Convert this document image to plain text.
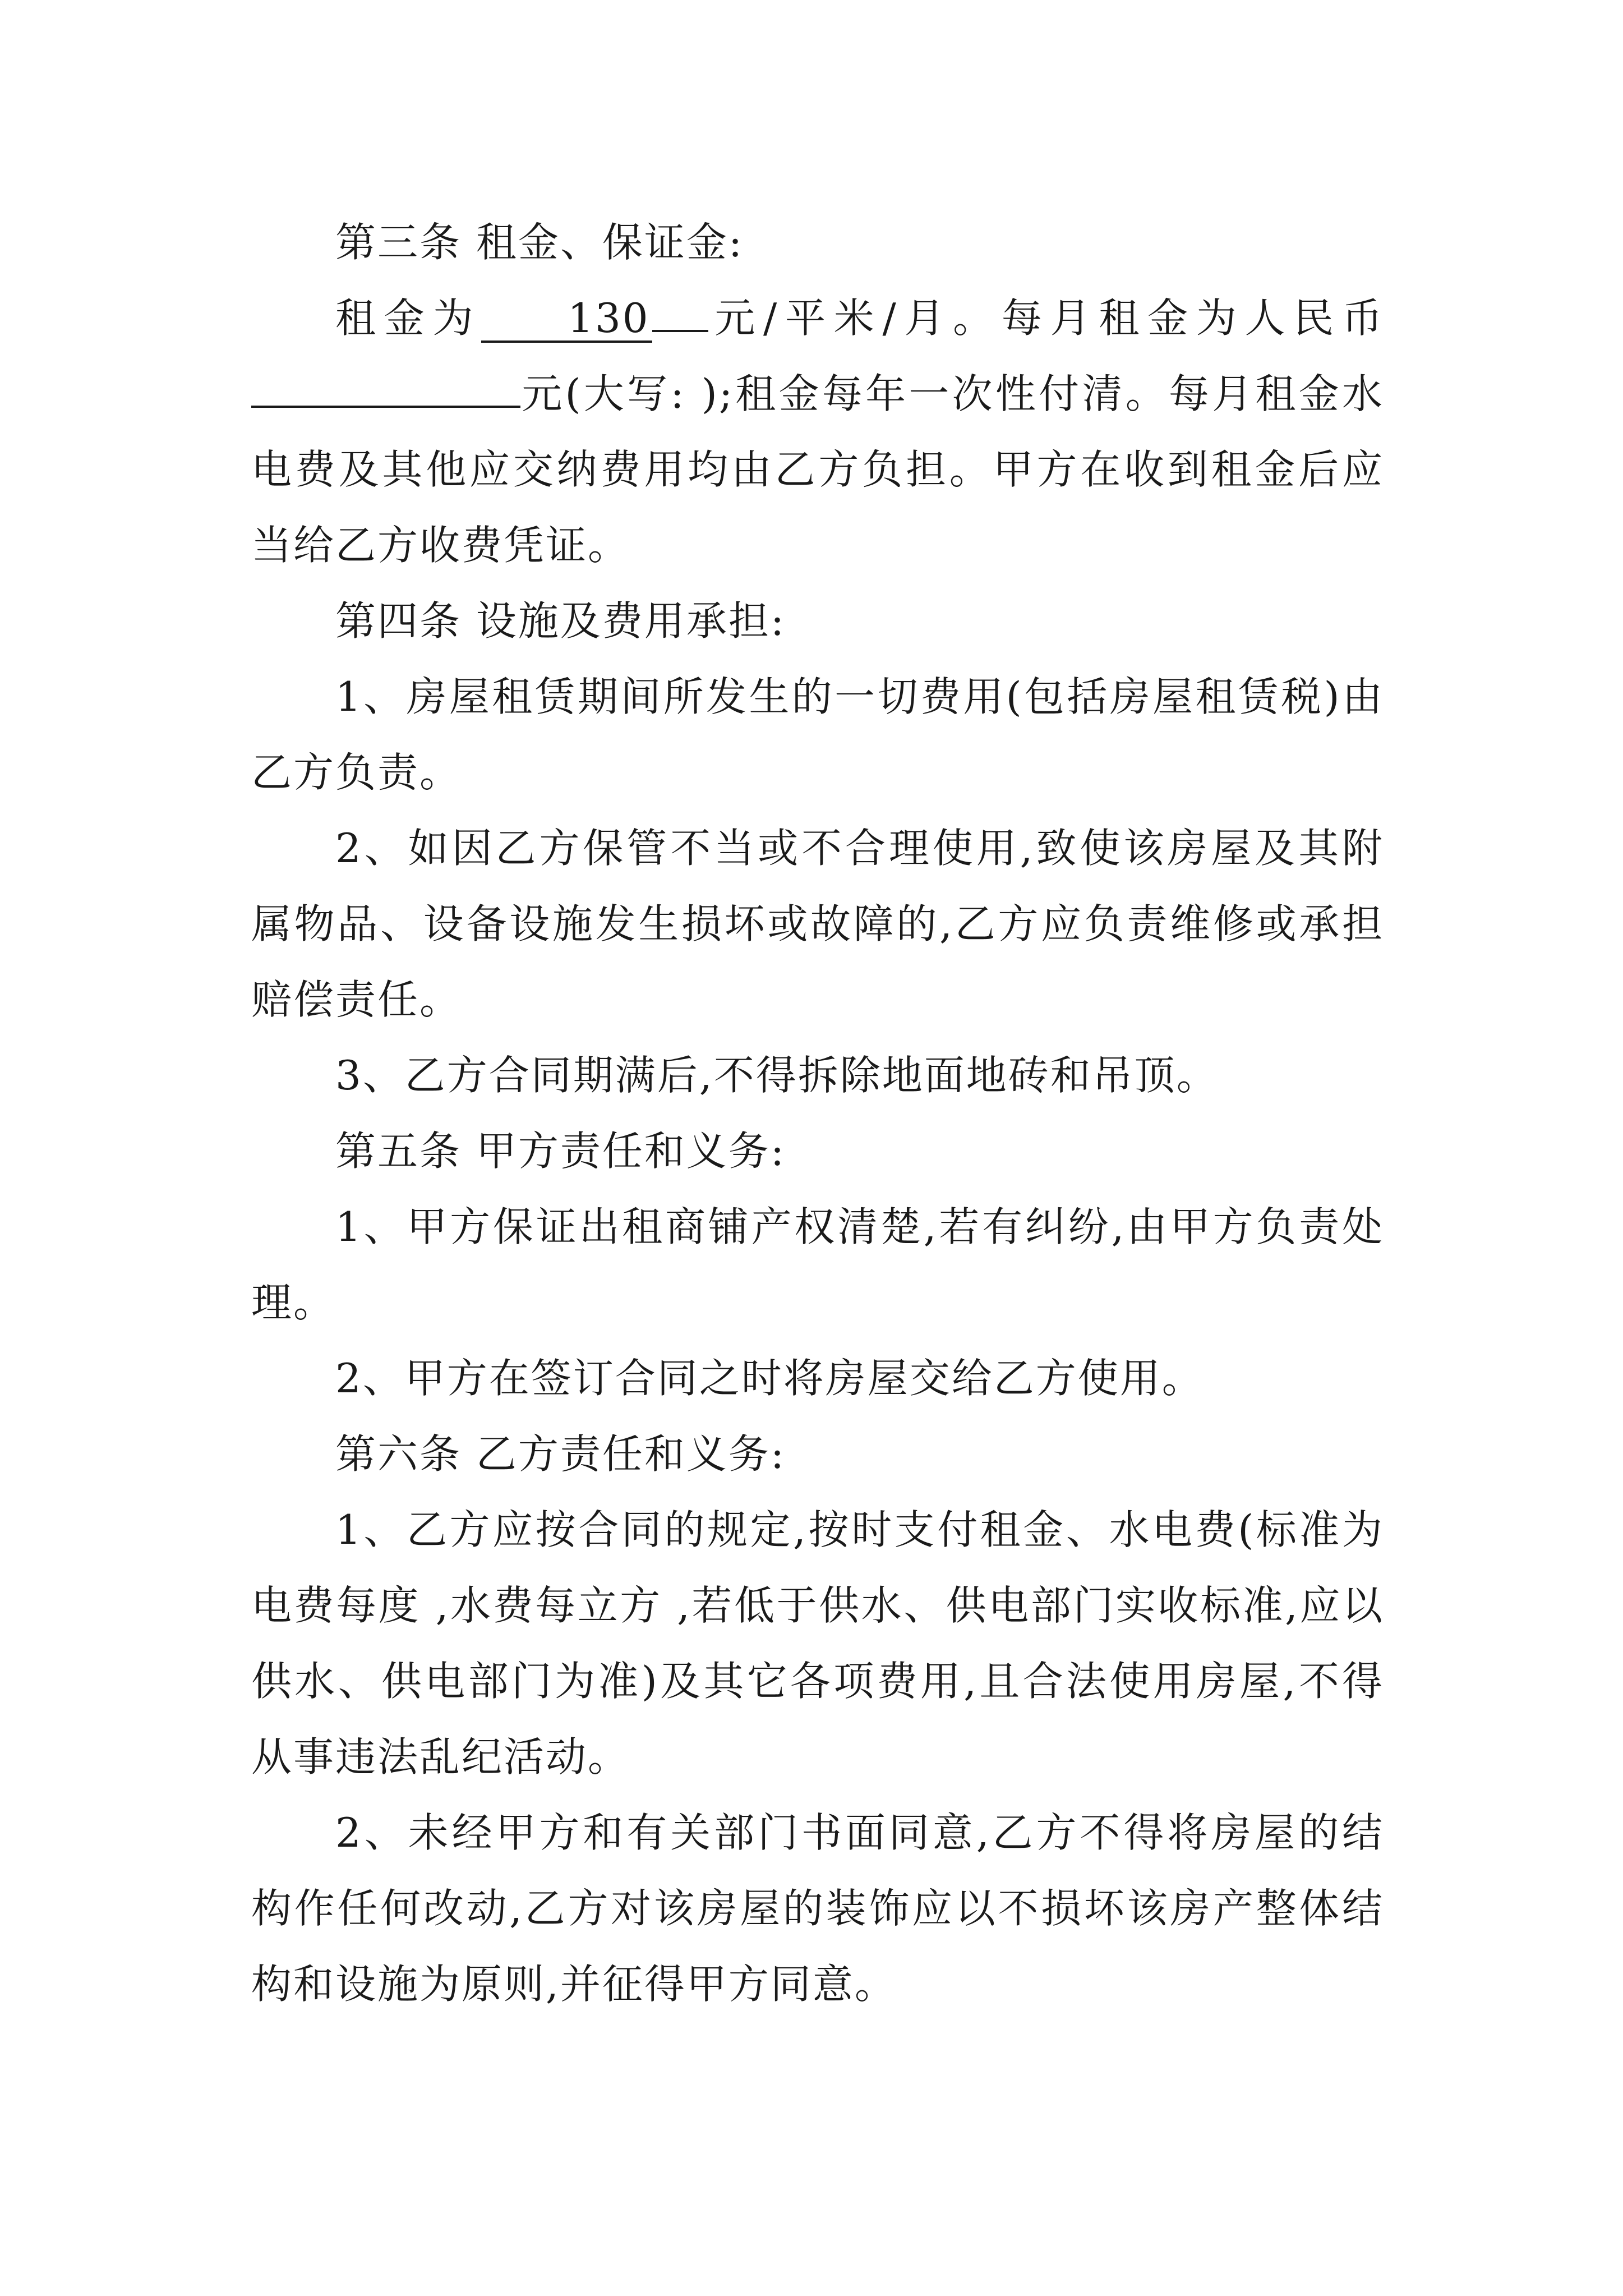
第三条 租金、保证金:

租金为 130 元/平米/月。每月租金为人民币元(大写: );租金每年一次性付清。每月租金水电费及其他应交纳费用均由乙方负担。甲方在收到租金后应当给乙方收费凭证。

第四条 设施及费用承担:

1、房屋租赁期间所发生的一切费用(包括房屋租赁税)由乙方负责。

2、如因乙方保管不当或不合理使用,致使该房屋及其附属物品、设备设施发生损坏或故障的,乙方应负责维修或承担赔偿责任。

3、乙方合同期满后,不得拆除地面地砖和吊顶。

第五条 甲方责任和义务:

1、甲方保证出租商铺产权清楚,若有纠纷,由甲方负责处理。

2、甲方在签订合同之时将房屋交给乙方使用。

第六条 乙方责任和义务:

1、乙方应按合同的规定,按时支付租金、水电费(标准为电费每度 ,水费每立方 ,若低于供水、供电部门实收标准,应以供水、供电部门为准)及其它各项费用,且合法使用房屋,不得从事违法乱纪活动。

2、未经甲方和有关部门书面同意,乙方不得将房屋的结构作任何改动,乙方对该房屋的装饰应以不损坏该房产整体结构和设施为原则,并征得甲方同意。
